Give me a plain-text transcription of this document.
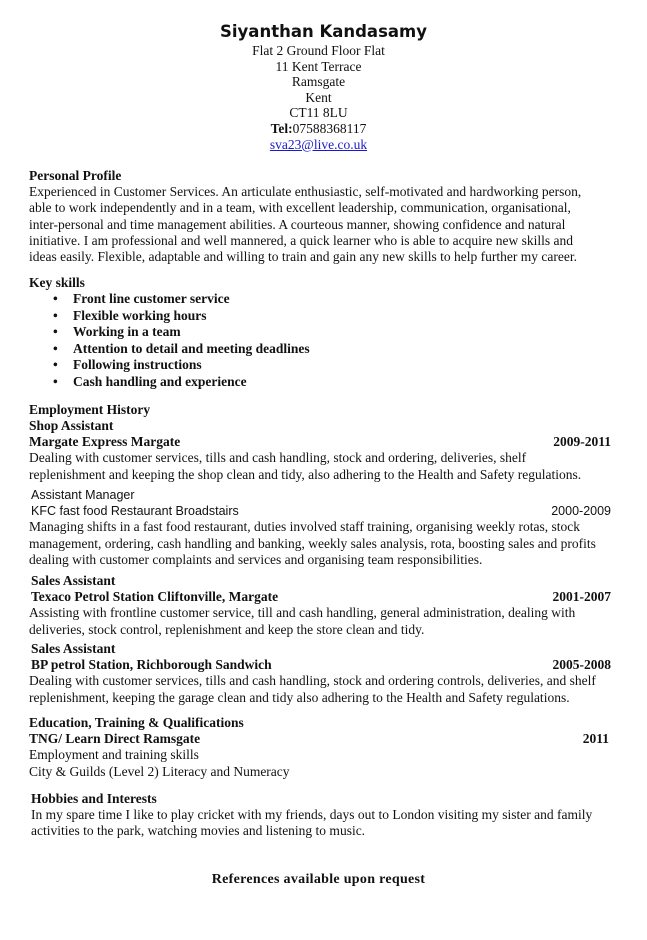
Siyanthan Kandasamy
Flat 2 Ground Floor Flat
11 Kent Terrace
Ramsgate
Kent
CT11 8LU
Tel:07588368117
sva23@live.co.uk
Personal Profile
Experienced in Customer Services. An articulate enthusiastic, self-motivated and hardworking person,
able to work independently and in a team, with excellent leadership, communication, organisational,
inter-personal and time management abilities. A courteous manner, showing confidence and natural
initiative. I am professional and well mannered, a quick learner who is able to acquire new skills and
ideas easily. Flexible, adaptable and willing to train and gain any new skills to help further my career.
Key skills
• Front line customer service
• Flexible working hours
• Working in a team
• Attention to detail and meeting deadlines
• Following instructions
• Cash handling and experience
Employment History
Shop Assistant
Margate Express Margate	2009-2011
Dealing with customer services, tills and cash handling, stock and ordering, deliveries, shelf
replenishment and keeping the shop clean and tidy, also adhering to the Health and Safety regulations.
Assistant Manager
KFC fast food Restaurant Broadstairs	2000-2009
Managing shifts in a fast food restaurant, duties involved staff training, organising weekly rotas, stock
management, ordering, cash handling and banking, weekly sales analysis, rota, boosting sales and profits
dealing with customer complaints and services and organising team responsibilities.
Sales Assistant
Texaco Petrol Station Cliftonville, Margate	2001-2007
Assisting with frontline customer service, till and cash handling, general administration, dealing with
deliveries, stock control, replenishment and keep the store clean and tidy.
Sales Assistant
BP petrol Station, Richborough Sandwich	2005-2008
Dealing with customer services, tills and cash handling, stock and ordering controls, deliveries, and shelf
replenishment, keeping the garage clean and tidy also adhering to the Health and Safety regulations.
Education, Training & Qualifications
TNG/ Learn Direct Ramsgate	2011
Employment and training skills
City & Guilds (Level 2) Literacy and Numeracy
Hobbies and Interests
In my spare time I like to play cricket with my friends, days out to London visiting my sister and family
activities to the park, watching movies and listening to music.
References available upon request
